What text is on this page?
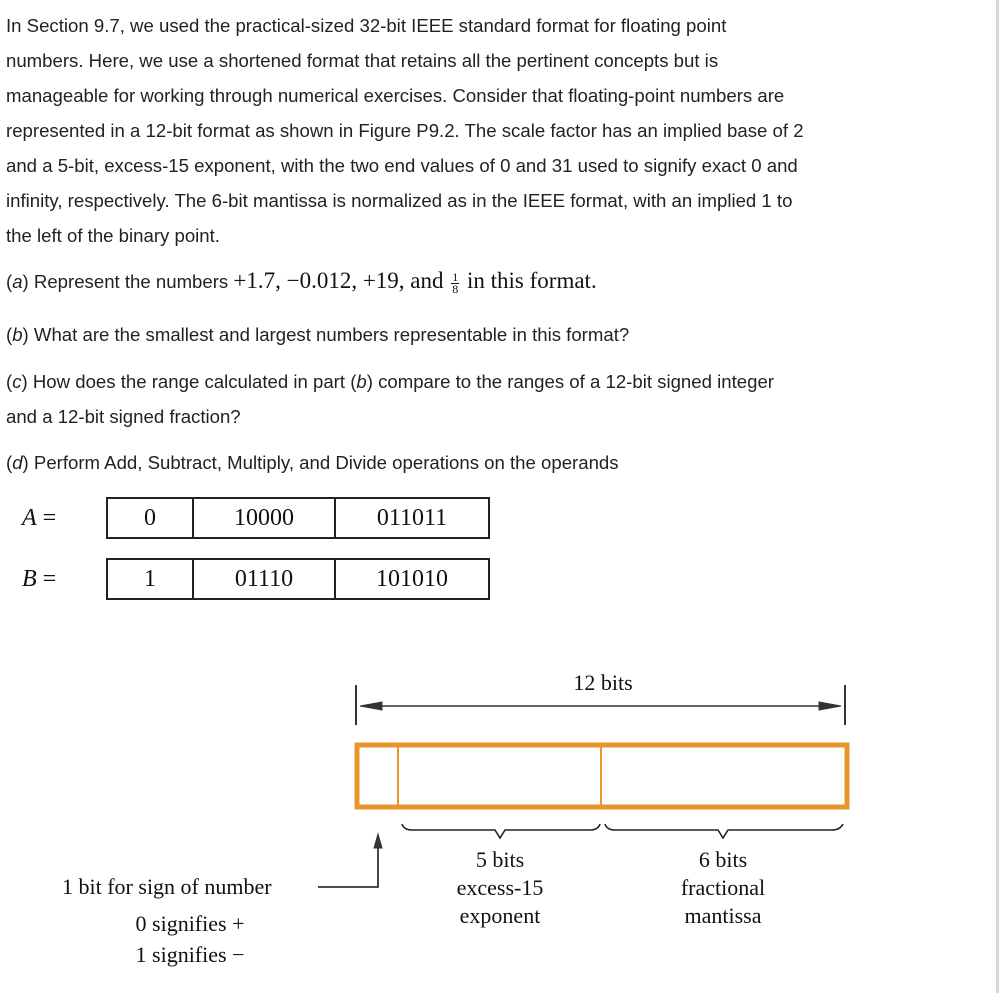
In Section 9.7, we used the practical-sized 32-bit IEEE standard format for floating point
numbers. Here, we use a shortened format that retains all the pertinent concepts but is
manageable for working through numerical exercises. Consider that floating-point numbers are
represented in a 12-bit format as shown in Figure P9.2. The scale factor has an implied base of 2
and a 5-bit, excess-15 exponent, with the two end values of 0 and 31 used to signify exact 0 and
infinity, respectively. The 6-bit mantissa is normalized as in the IEEE format, with an implied 1 to
the left of the binary point.
(a) Represent the numbers +1.7, −0.012, +19, and $\frac{1}{8}$ in this format.
(b) What are the smallest and largest numbers representable in this format?
(c) How does the range calculated in part (b) compare to the ranges of a 12-bit signed integer
and a 12-bit signed fraction?
(d) Perform Add, Subtract, Multiply, and Divide operations on the operands
A =	0	10000	011011
B =	1	01110	101010
12 bits
5 bits
excess-15
exponent
6 bits
fractional
mantissa
1 bit for sign of number
0 signifies +
1 signifies −
